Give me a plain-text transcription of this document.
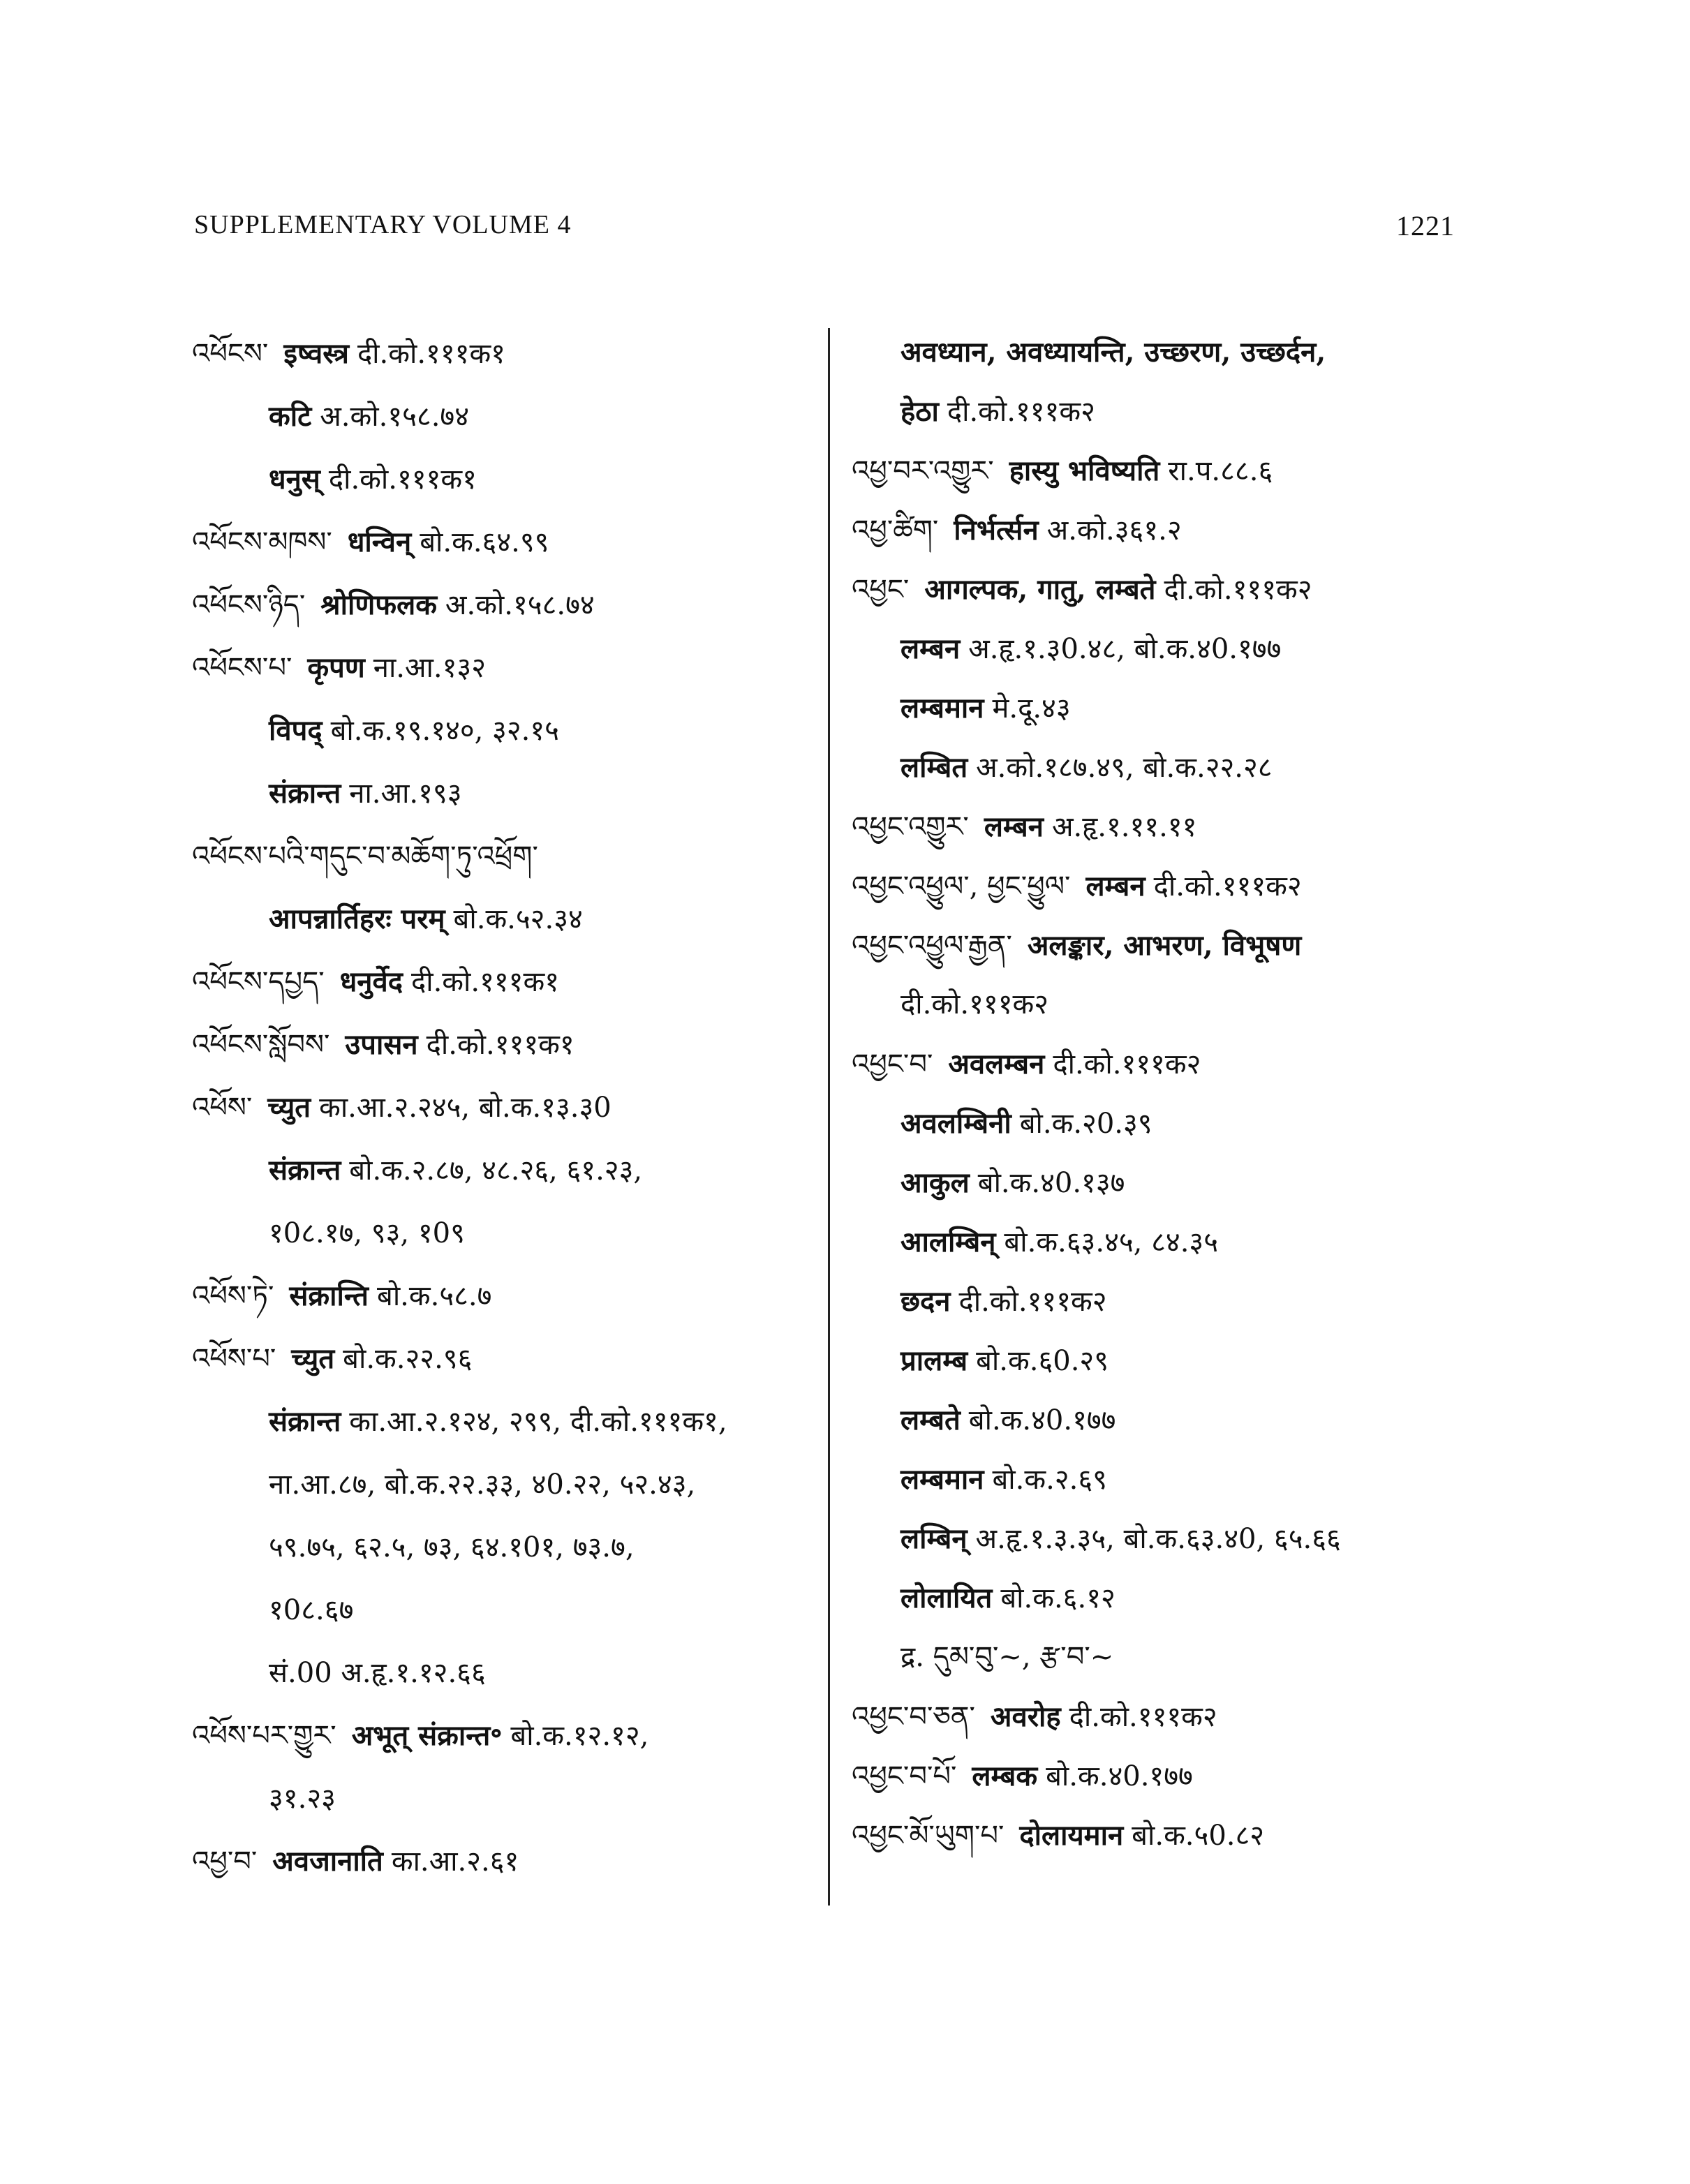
SUPPLEMENTARY VOLUME 4	1221
འཕོངས་ इष्वस्त्र दी.को.१११क१
कटि अ.को.१५८.७४
धनुस् दी.को.१११क१
འཕོངས་མཁས་ धन्विन् बो.क.६४.९९
འཕོངས་ཉིད་ श्रोणिफलक अ.को.१५८.७४
འཕོངས་པ་ कृपण ना.आ.१३२
विपद् बो.क.१९.१४०, ३२.१५
संक्रान्त ना.आ.१९३
འཕོངས་པའི་གདུང་བ་མཆོག་ཏུ་འཕྲོག་
आपन्नार्तिहरः परम् बो.क.५२.३४
འཕོངས་དཔྱད་ धनुर्वेद दी.को.१११क१
འཕོངས་སློབས་ उपासन दी.को.१११क१
འཕོས་ च्युत का.आ.२.२४५, बो.क.१३.३0
संक्रान्त बो.क.२.८७, ४८.२६, ६१.२३,
१0८.१७, ९३, १0९
འཕོས་ཏེ་ संक्रान्ति बो.क.५८.७
འཕོས་པ་ च्युत बो.क.२२.९६
संक्रान्त का.आ.२.१२४, २९९, दी.को.१११क१,
ना.आ.८७, बो.क.२२.३३, ४0.२२, ५२.४३,
५९.७५, ६२.५, ७३, ६४.१0१, ७३.७,
१0८.६७
सं.00 अ.हृ.१.१२.६६
འཕོས་པར་གྱུར་ अभूत् संक्रान्त॰ बो.क.१२.१२,
३१.२३
འཕྱ་བ་ अवजानाति का.आ.२.६१
अवध्यान, अवध्यायन्ति, उच्छरण, उच्छर्दन,
हेठा दी.को.१११क२
འཕྱ་བར་འགྱུར་ हास्यु भविष्यति रा.प.८८.६
འཕྱ་ཚིག་ निर्भर्त्सन अ.को.३६१.२
འཕྱང་ आगल्पक, गातु, लम्बते दी.को.१११क२
लम्बन अ.हृ.१.३0.४८, बो.क.४0.१७७
लम्बमान मे.दू.४३
लम्बित अ.को.१८७.४९, बो.क.२२.२८
འཕྱང་འགྱུར་ लम्बन अ.हृ.१.११.११
འཕྱང་འཕྱུལ་, ཕྱང་ཕྱུལ་ लम्बन दी.को.१११क२
འཕྱང་འཕྱུལ་རྒྱན་ अलङ्कार, आभरण, विभूषण
दी.को.१११क२
འཕྱང་བ་ अवलम्बन दी.को.१११क२
अवलम्बिनी बो.क.२0.३९
आकुल बो.क.४0.१३७
आलम्बिन् बो.क.६३.४५, ८४.३५
छदन दी.को.१११क२
प्रालम्ब बो.क.६0.२९
लम्बते बो.क.४0.१७७
लम्बमान बो.क.२.६९
लम्बिन् अ.हृ.१.३.३५, बो.क.६३.४0, ६५.६६
लोलायित बो.क.६.१२
द्र. དུམ་བུ་~, རྩ་བ་~
འཕྱང་བ་ཅན་ अवरोह दी.को.१११क२
འཕྱང་བ་པོ་ लम्बक बो.क.४0.१७७
འཕྱང་མོ་ཡུག་པ་ दोलायमान बो.क.५0.८२
